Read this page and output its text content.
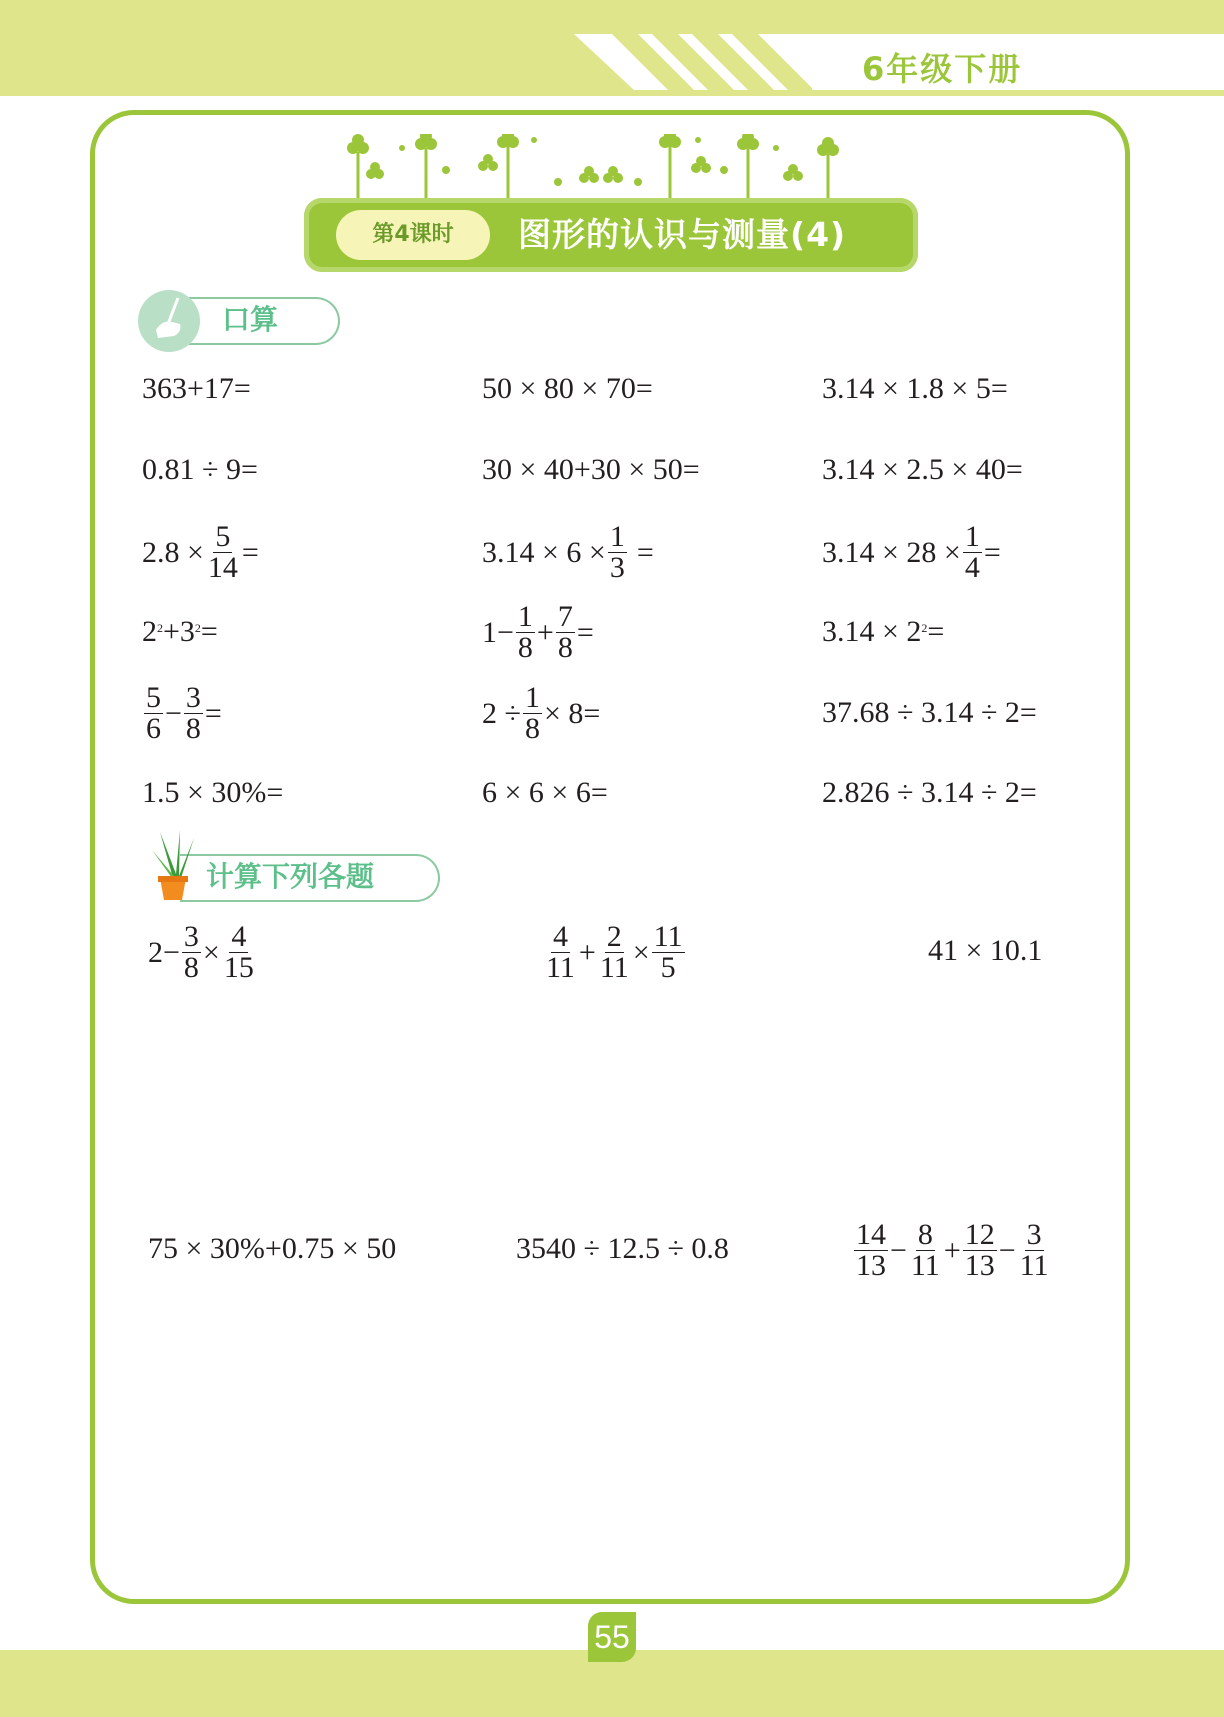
6年级下册
第4课时	图形的认识与测量(4)
口算
363+17=	50 × 80 × 70=	3.14 × 1.8 × 5=
0.81 ÷ 9=	30 × 40+30 × 50=	3.14 × 2.5 × 40=
$2.8 \times \frac{5}{14}$ =	$3.14 \times 6 \times \frac{1}{3}$ =	$3.14 \times 28 \times \frac{1}{4}$ =
$2^2 + 3^2$ =	$1- \frac{1}{8} + \frac{7}{8}$ =	$3.14 \times 2^2$ =
$\frac{5}{6} - \frac{3}{8}$ =	$2 \div \frac{1}{8} \times 8=$	37.68 ÷ 3.14 ÷ 2=
1.5 × 30%=	6 × 6 × 6=	2.826 ÷ 3.14 ÷ 2=
计算下列各题
$2- \frac{3}{8} \times \frac{4}{15}$	$\frac{4}{11} + \frac{2}{11} \times \frac{11}{5}$	41 × 10.1
75 × 30%+0.75 × 50	3540 ÷ 12.5 ÷ 0.8	$\frac{14}{13} - \frac{8}{11} + \frac{12}{13} - \frac{3}{11}$
55
